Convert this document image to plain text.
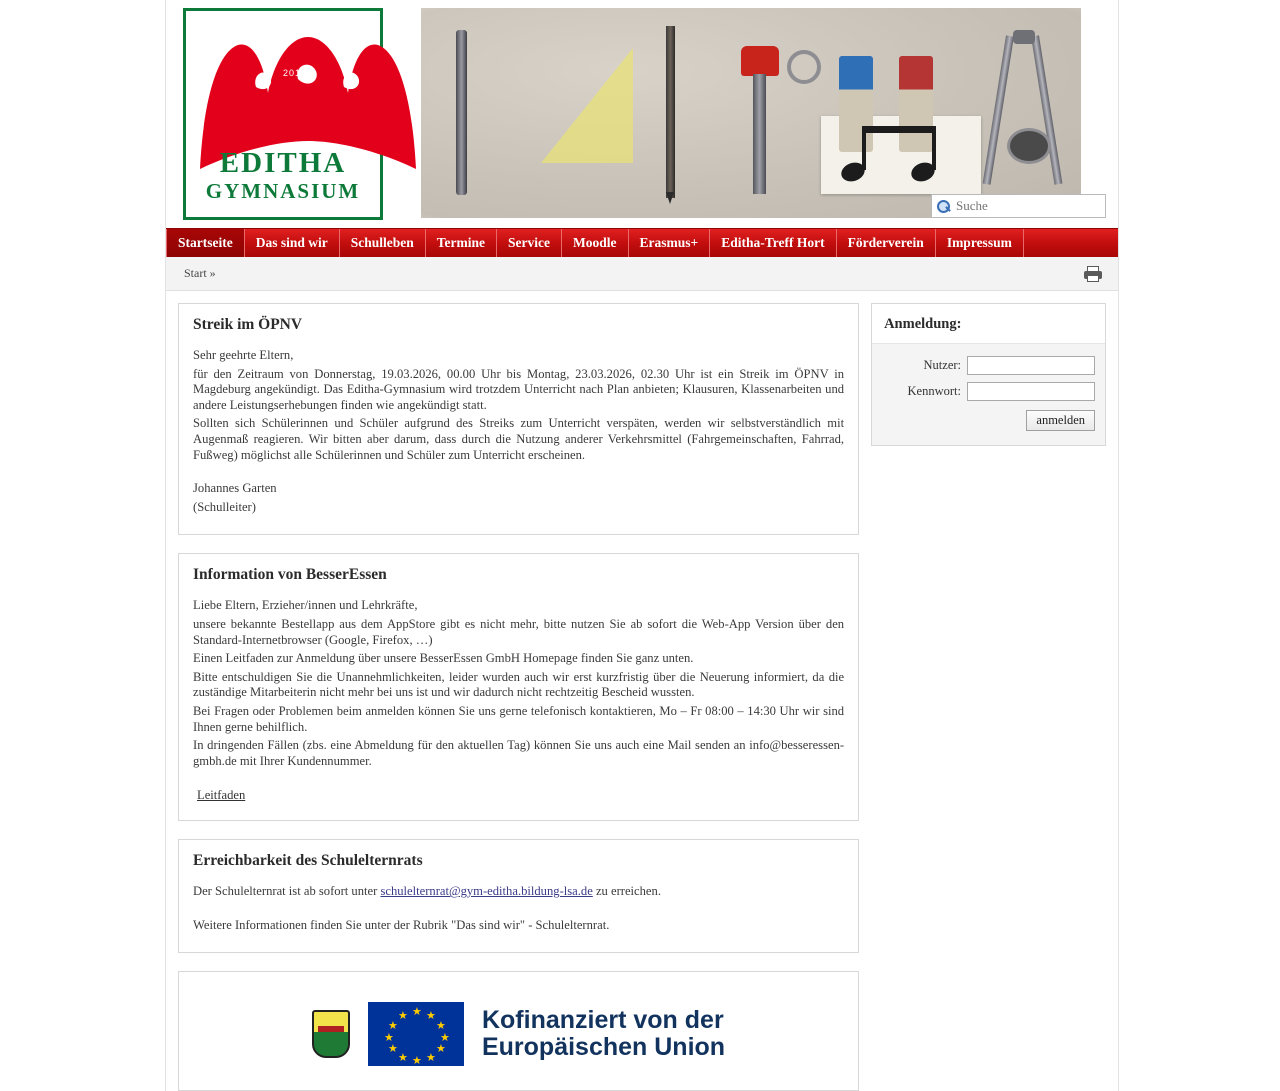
2015
EDITHA
GYMNASIUM
Suche
Startseite	Das sind wir	Schulleben	Termine	Service	Moodle	Erasmus+	Editha-Treff Hort	Förderverein	Impressum
Start »
Streik im ÖPNV

Sehr geehrte Eltern,

für den Zeitraum von Donnerstag, 19.03.2026, 00.00 Uhr bis Montag, 23.03.2026, 02.30 Uhr ist ein Streik im ÖPNV in Magdeburg angekündigt. Das Editha-Gymnasium wird trotzdem Unterricht nach Plan anbieten; Klausuren, Klassenarbeiten und andere Leistungserhebungen finden wie angekündigt statt.

Sollten sich Schülerinnen und Schüler aufgrund des Streiks zum Unterricht verspäten, werden wir selbstverständlich mit Augenmaß reagieren. Wir bitten aber darum, dass durch die Nutzung anderer Verkehrsmittel (Fahrgemeinschaften, Fahrrad, Fußweg) möglichst alle Schülerinnen und Schüler zum Unterricht erscheinen.

Johannes Garten

(Schulleiter)

Information von BesserEssen

Liebe Eltern, Erzieher/innen und Lehrkräfte,

unsere bekannte Bestellapp aus dem AppStore gibt es nicht mehr, bitte nutzen Sie ab sofort die Web-App Version über den Standard-Internetbrowser (Google, Firefox, …)

Einen Leitfaden zur Anmeldung über unsere BesserEssen GmbH Homepage finden Sie ganz unten.

Bitte entschuldigen Sie die Unannehmlichkeiten, leider wurden auch wir erst kurzfristig über die Neuerung informiert, da die zuständige Mitarbeiterin nicht mehr bei uns ist und wir dadurch nicht rechtzeitig Bescheid wussten.

Bei Fragen oder Problemen beim anmelden können Sie uns gerne telefonisch kontaktieren, Mo – Fr 08:00 – 14:30 Uhr wir sind Ihnen gerne behilflich.

In dringenden Fällen (zbs. eine Abmeldung für den aktuellen Tag) können Sie uns auch eine Mail senden an info@besseressen-gmbh.de mit Ihrer Kundennummer.

Leitfaden
Erreichbarkeit des Schulelternrats

Der Schulelternrat ist ab sofort unter schulelternrat@gym-editha.bildung-lsa.de zu erreichen.

Weitere Informationen finden Sie unter der Rubrik "Das sind wir" - Schulelternrat.

★ ★
★
★
★
★
★
★
★
★
★
★	Kofinanziert von der
Europäischen Union
Anmeldung:
Nutzer:
Kennwort:
anmelden
